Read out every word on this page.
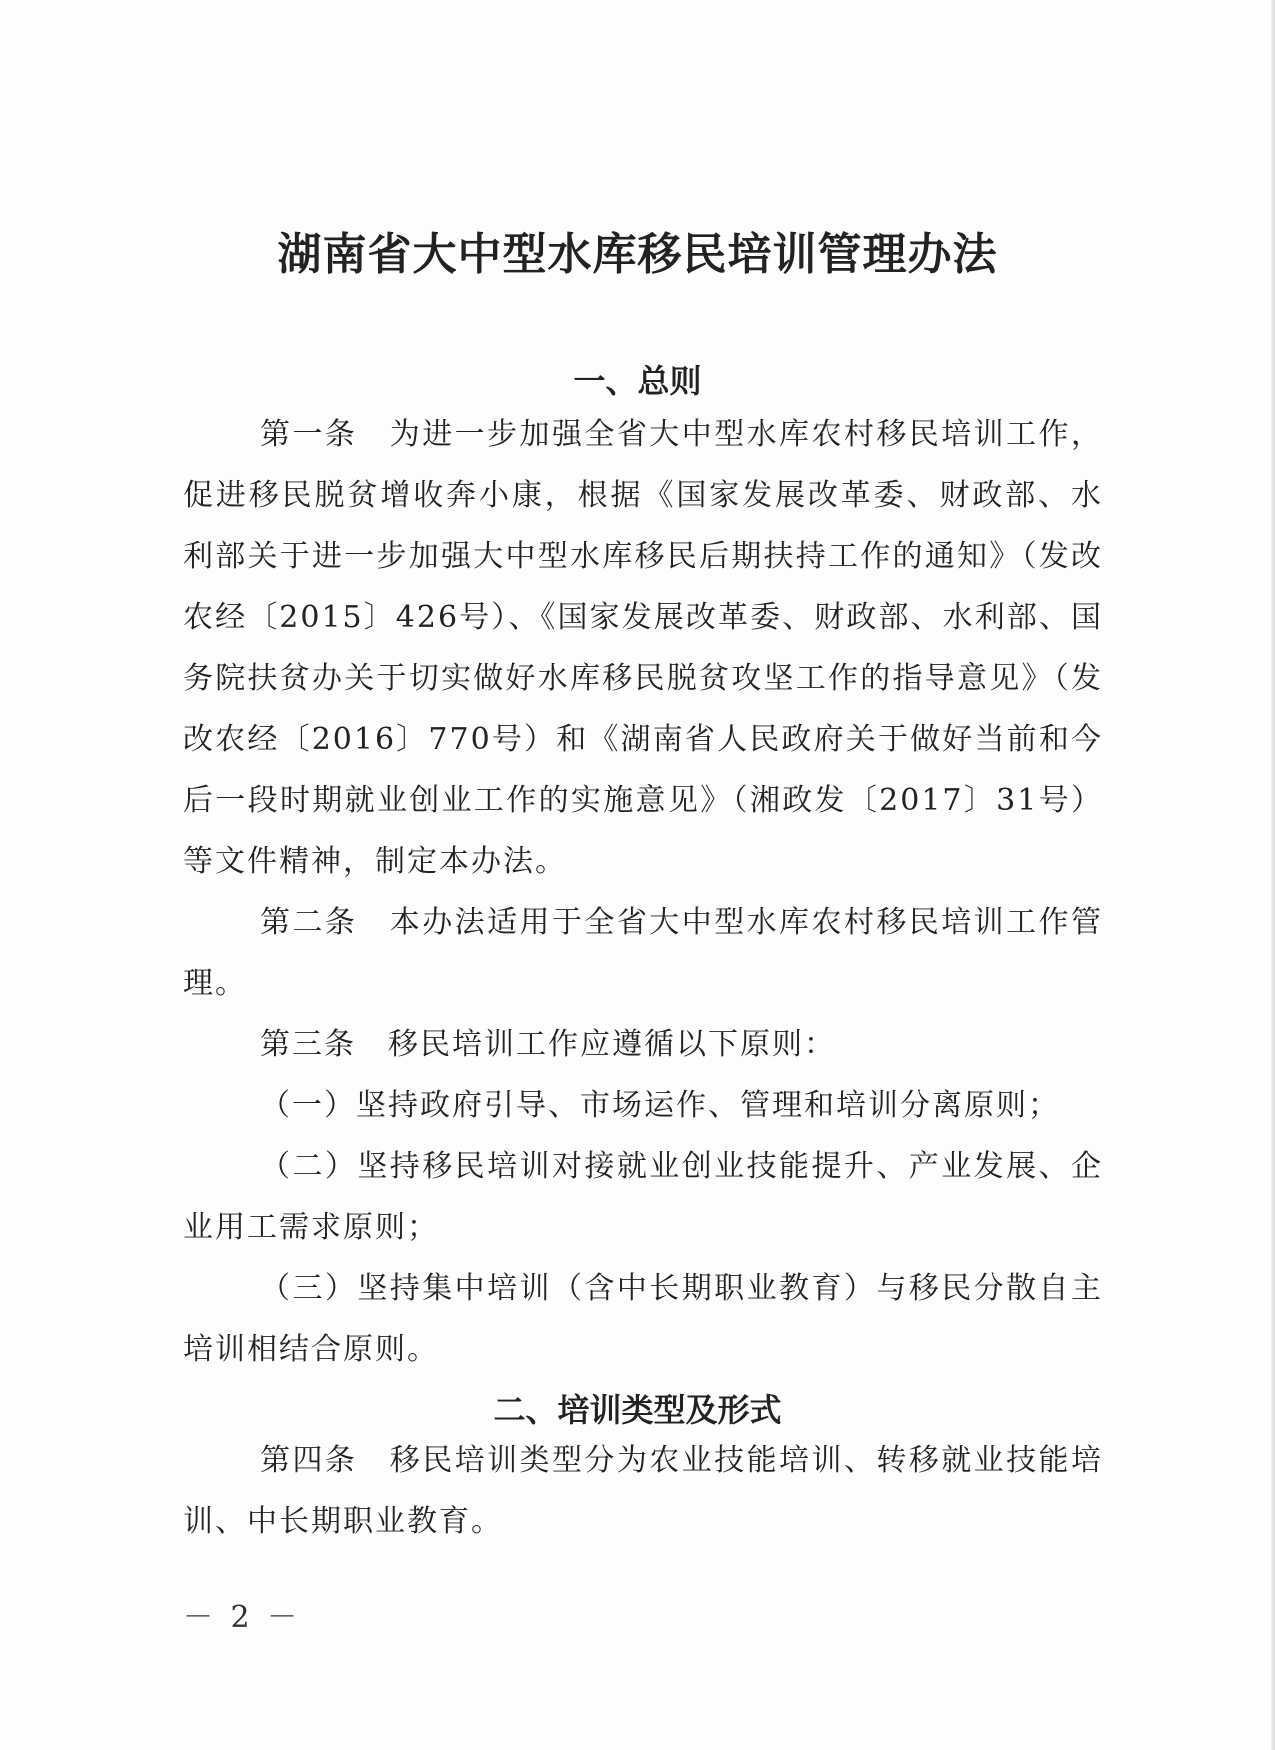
湖南省大中型水库移民培训管理办法
一、总则

第一条　为进一步加强全省大中型水库农村移民培训工作，促进移民脱贫增收奔小康，根据《国家发展改革委、财政部、水利部关于进一步加强大中型水库移民后期扶持工作的通知》（发改农经〔2015〕426号）、《国家发展改革委、财政部、水利部、国务院扶贫办关于切实做好水库移民脱贫攻坚工作的指导意见》（发改农经〔2016〕770号）和《湖南省人民政府关于做好当前和今后一段时期就业创业工作的实施意见》（湘政发〔2017〕31号）等文件精神，制定本办法。

第二条　本办法适用于全省大中型水库农村移民培训工作管理。

第三条　移民培训工作应遵循以下原则：

（一）坚持政府引导、市场运作、管理和培训分离原则；

（二）坚持移民培训对接就业创业技能提升、产业发展、企业用工需求原则；

（三）坚持集中培训（含中长期职业教育）与移民分散自主培训相结合原则。

二、培训类型及形式

第四条　移民培训类型分为农业技能培训、转移就业技能培训、中长期职业教育。

－ 2 －
